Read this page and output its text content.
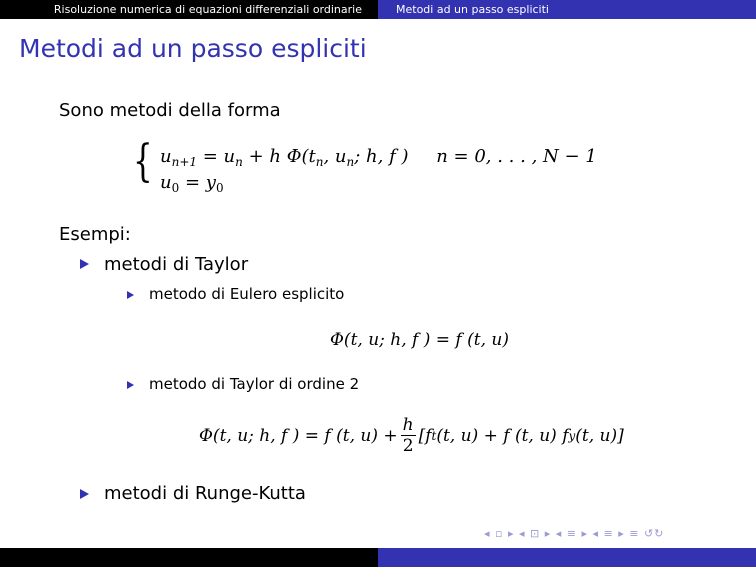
Risoluzione numerica di equazioni differenziali ordinarie	Metodi ad un passo espliciti
Metodi ad un passo espliciti
Sono metodi della forma
{ $u_{n+1} = u_n + h$ $\Phi(t_n$, $u_n$; h, f ) n = 0, . . . , N − 1
$u_0 = y_0$
Esempi:
metodi di Taylor
metodo di Eulero esplicito
Φ(t, u; h, f ) = f (t, u)
metodo di Taylor di ordine 2
Φ(t, u; h, f ) = f (t, $u) + \frac{h}{2} [f$ t (t, u) + f (t, u) f y (t, u)]
metodi di Runge-Kutta
◂ ▫ ▸ ◂ ⊡ ▸ ◂ ≡ ▸ ◂ ≡ ▸ ≡ ↺↻
